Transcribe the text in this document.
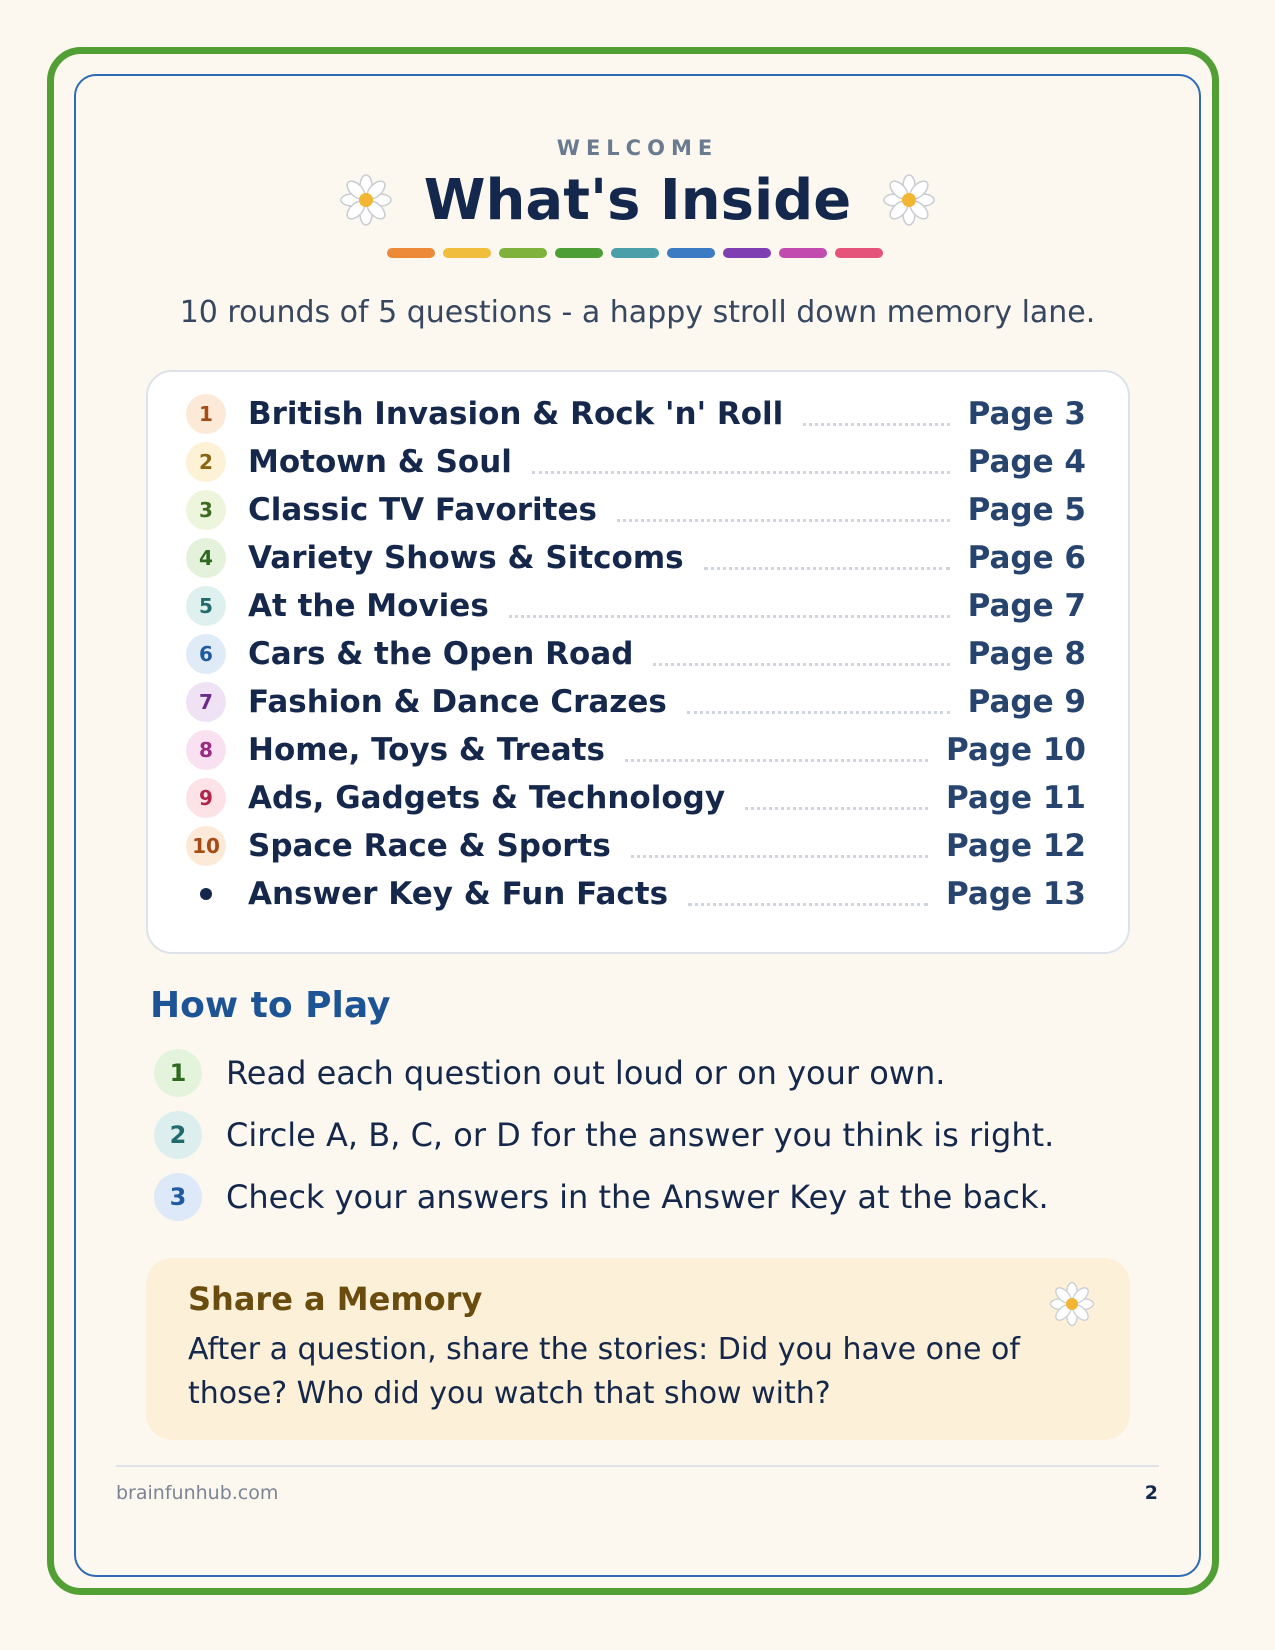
WELCOME
What's Inside
10 rounds of 5 questions - a happy stroll down memory lane.
1	British Invasion & Rock 'n' Roll	Page 3
2	Motown & Soul	Page 4
3	Classic TV Favorites	Page 5
4	Variety Shows & Sitcoms	Page 6
5	At the Movies	Page 7
6	Cars & the Open Road	Page 8
7	Fashion & Dance Crazes	Page 9
8	Home, Toys & Treats	Page 10
9	Ads, Gadgets & Technology	Page 11
10 Space Race & Sports	Page 12
Answer Key & Fun Facts	Page 13
How to Play
1	Read each question out loud or on your own.
2	Circle A, B, C, or D for the answer you think is right.
3	Check your answers in the Answer Key at the back.
Share a Memory
After a question, share the stories: Did you have one of those? Who did you watch that show with?
brainfunhub.com	2
